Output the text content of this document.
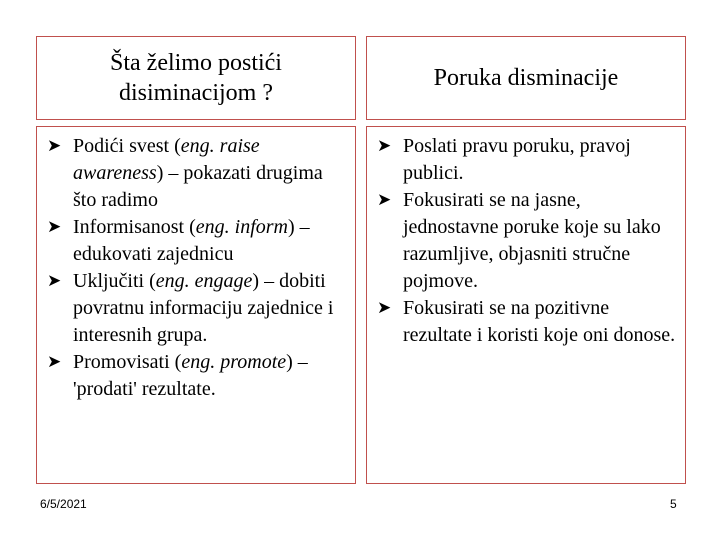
Šta želimo postići disiminacijom ?
Poruka disminacije
➤ Podići svest (eng. raise awareness) – pokazati drugima što radimo
➤ Informisanost (eng. inform) – edukovati zajednicu
➤ Uključiti (eng. engage) – dobiti povratnu informaciju zajednice i interesnih grupa.
➤ Promovisati (eng. promote) – 'prodati' rezultate.
➤ Poslati pravu poruku, pravoj publici.
➤ Fokusirati se na jasne, jednostavne poruke koje su lako razumljive, objasniti stručne pojmove.
➤ Fokusirati se na pozitivne rezultate i koristi koje oni donose.
6/5/2021	5
